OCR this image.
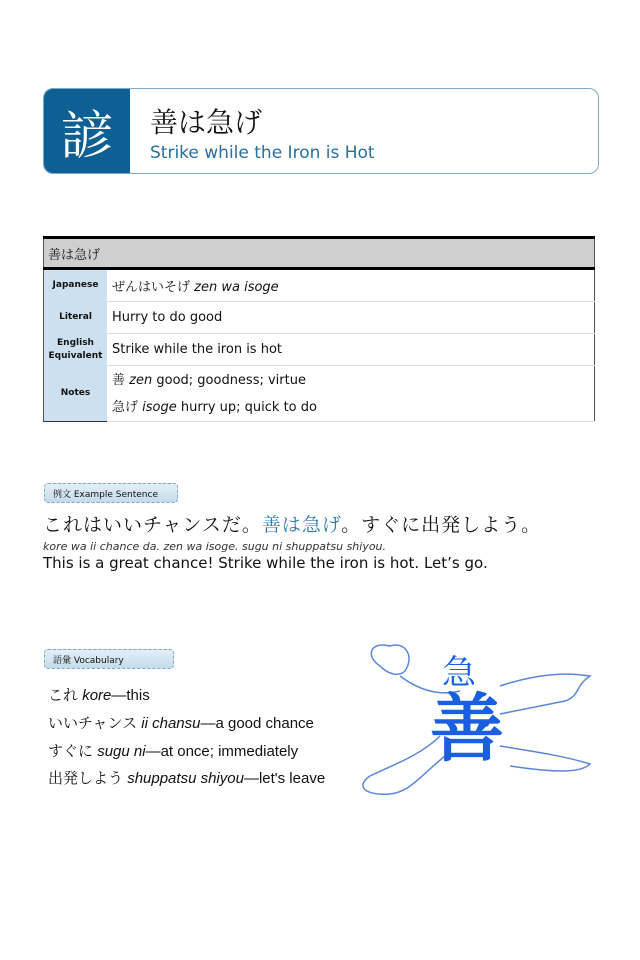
諺	善は急げ
Strike while the Iron is Hot
善は急げ	
Japanese	ぜんはいそげ zen wa isoge
Literal	Hurry to do good
English Equivalent	Strike while the iron is hot
Notes	善 zen good; goodness; virtue
急げ isoge hurry up; quick to do
例文 Example Sentence
これはいいチャンスだ。善は急げ。すぐに出発しよう。
kore wa ii chance da. zen wa isoge. sugu ni shuppatsu shiyou.
This is a great chance! Strike while the iron is hot. Let’s go.
語彙 Vocabulary
これ kore—this
いいチャンス ii chansu—a good chance
すぐに sugu ni—at once; immediately
出発しよう shuppatsu shiyou—let's leave
急
善
